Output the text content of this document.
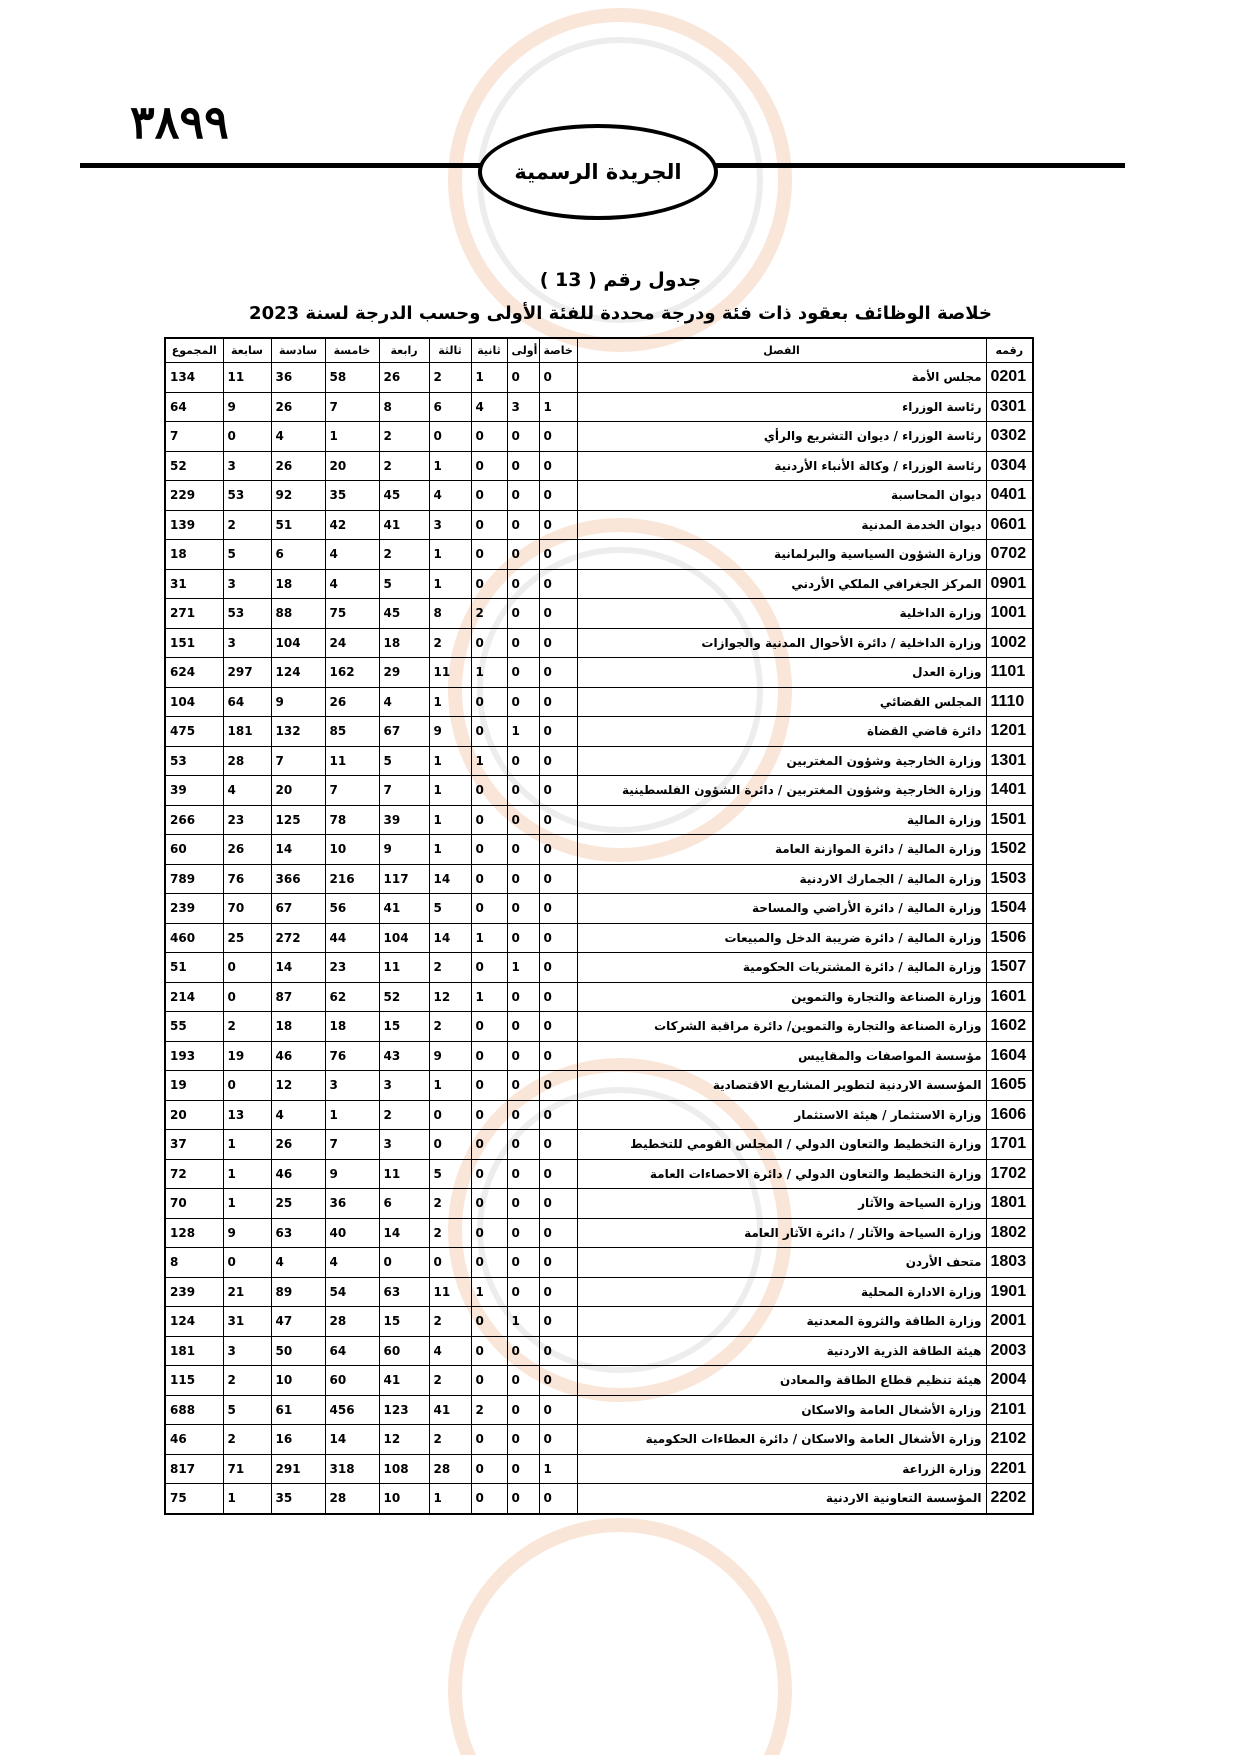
٣٨٩٩
الجريدة الرسمية
جدول رقم ( 13 )
خلاصة الوظائف بعقود ذات فئة ودرجة محددة للفئة الأولى وحسب الدرجة لسنة 2023
المجموع	سابعة	سادسة	خامسة	رابعة	ثالثة	ثانية	أولى	خاصة	الفصل	رقمه
134	11	36	58	26	2	1	0	0	مجلس الأمة	0201
64	9	26	7	8	6	4	3	1	رئاسة الوزراء	0301
7	0	4	1	2	0	0	0	0	رئاسة الوزراء / ديوان التشريع والرأي	0302
52	3	26	20	2	1	0	0	0	رئاسة الوزراء / وكالة الأنباء الأردنية	0304
229	53	92	35	45	4	0	0	0	ديوان المحاسبة	0401
139	2	51	42	41	3	0	0	0	ديوان الخدمة المدنية	0601
18	5	6	4	2	1	0	0	0	وزارة الشؤون السياسية والبرلمانية	0702
31	3	18	4	5	1	0	0	0	المركز الجغرافي الملكي الأردني	0901
271	53	88	75	45	8	2	0	0	وزارة الداخلية	1001
151	3	104	24	18	2	0	0	0	وزارة الداخلية / دائرة الأحوال المدنية والجوازات	1002
624	297	124	162	29	11	1	0	0	وزارة العدل	1101
104	64	9	26	4	1	0	0	0	المجلس القضائي	1110
475	181	132	85	67	9	0	1	0	دائرة قاضي القضاة	1201
53	28	7	11	5	1	1	0	0	وزارة الخارجية وشؤون المغتربين	1301
39	4	20	7	7	1	0	0	0	وزارة الخارجية وشؤون المغتربين / دائرة الشؤون الفلسطينية	1401
266	23	125	78	39	1	0	0	0	وزارة المالية	1501
60	26	14	10	9	1	0	0	0	وزارة المالية / دائرة الموازنة العامة	1502
789	76	366	216	117	14	0	0	0	وزارة المالية / الجمارك الاردنية	1503
239	70	67	56	41	5	0	0	0	وزارة المالية / دائرة الأراضي والمساحة	1504
460	25	272	44	104	14	1	0	0	وزارة المالية / دائرة ضريبة الدخل والمبيعات	1506
51	0	14	23	11	2	0	1	0	وزارة المالية / دائرة المشتريات الحكومية	1507
214	0	87	62	52	12	1	0	0	وزارة الصناعة والتجارة والتموين	1601
55	2	18	18	15	2	0	0	0	وزارة الصناعة والتجارة والتموين/ دائرة مراقبة الشركات	1602
193	19	46	76	43	9	0	0	0	مؤسسة المواصفات والمقاييس	1604
19	0	12	3	3	1	0	0	0	المؤسسة الاردنية لتطوير المشاريع الاقتصادية	1605
20	13	4	1	2	0	0	0	0	وزارة الاستثمار / هيئة الاستثمار	1606
37	1	26	7	3	0	0	0	0	وزارة التخطيط والتعاون الدولي / المجلس القومي للتخطيط	1701
72	1	46	9	11	5	0	0	0	وزارة التخطيط والتعاون الدولي / دائرة الاحصاءات العامة	1702
70	1	25	36	6	2	0	0	0	وزارة السياحة والآثار	1801
128	9	63	40	14	2	0	0	0	وزارة السياحة والآثار / دائرة الآثار العامة	1802
8	0	4	4	0	0	0	0	0	متحف الأردن	1803
239	21	89	54	63	11	1	0	0	وزارة الادارة المحلية	1901
124	31	47	28	15	2	0	1	0	وزارة الطاقة والثروة المعدنية	2001
181	3	50	64	60	4	0	0	0	هيئة الطاقة الذرية الاردنية	2003
115	2	10	60	41	2	0	0	0	هيئة تنظيم قطاع الطاقة والمعادن	2004
688	5	61	456	123	41	2	0	0	وزارة الأشغال العامة والاسكان	2101
46	2	16	14	12	2	0	0	0	وزارة الأشغال العامة والاسكان / دائرة العطاءات الحكومية	2102
817	71	291	318	108	28	0	0	1	وزارة الزراعة	2201
75	1	35	28	10	1	0	0	0	المؤسسة التعاونية الاردنية	2202
